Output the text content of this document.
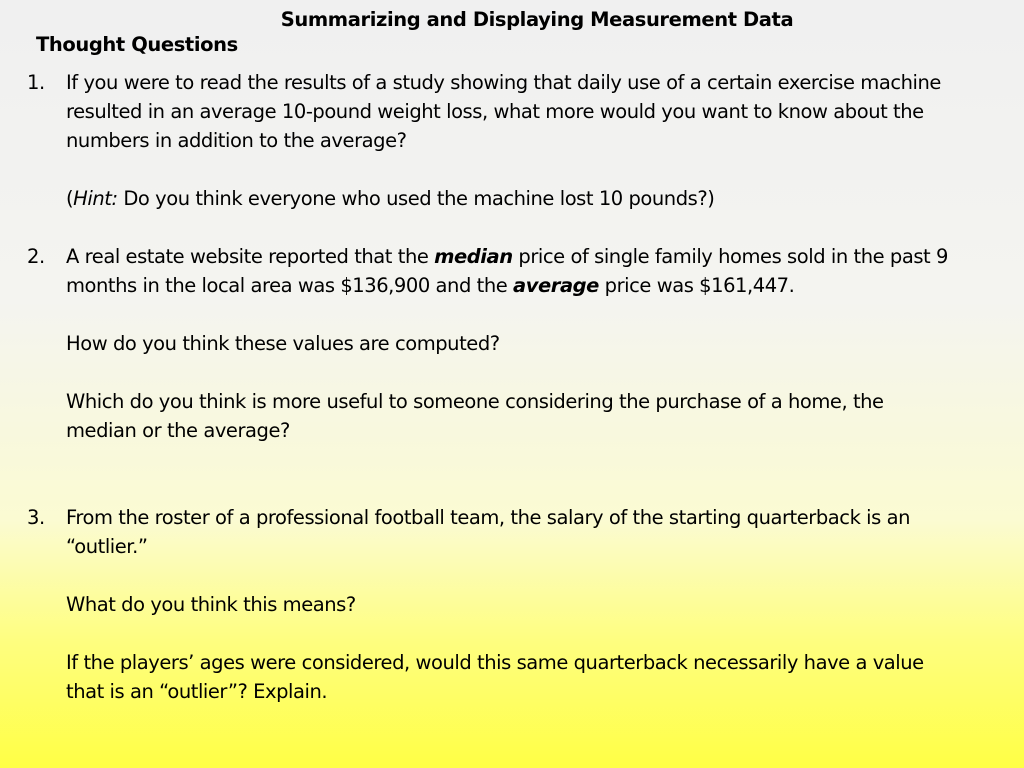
Summarizing and Displaying Measurement Data
Thought Questions
1. If you were to read the results of a study showing that daily use of a certain exercise machine
resulted in an average 10-pound weight loss, what more would you want to know about the
numbers in addition to the average?
(Hint: Do you think everyone who used the machine lost 10 pounds?)
2. A real estate website reported that the median price of single family homes sold in the past 9
months in the local area was $136,900 and the average price was $161,447.
How do you think these values are computed?
Which do you think is more useful to someone considering the purchase of a home, the
median or the average?
3. From the roster of a professional football team, the salary of the starting quarterback is an
“outlier.”
What do you think this means?
If the players’ ages were considered, would this same quarterback necessarily have a value
that is an “outlier”? Explain.
